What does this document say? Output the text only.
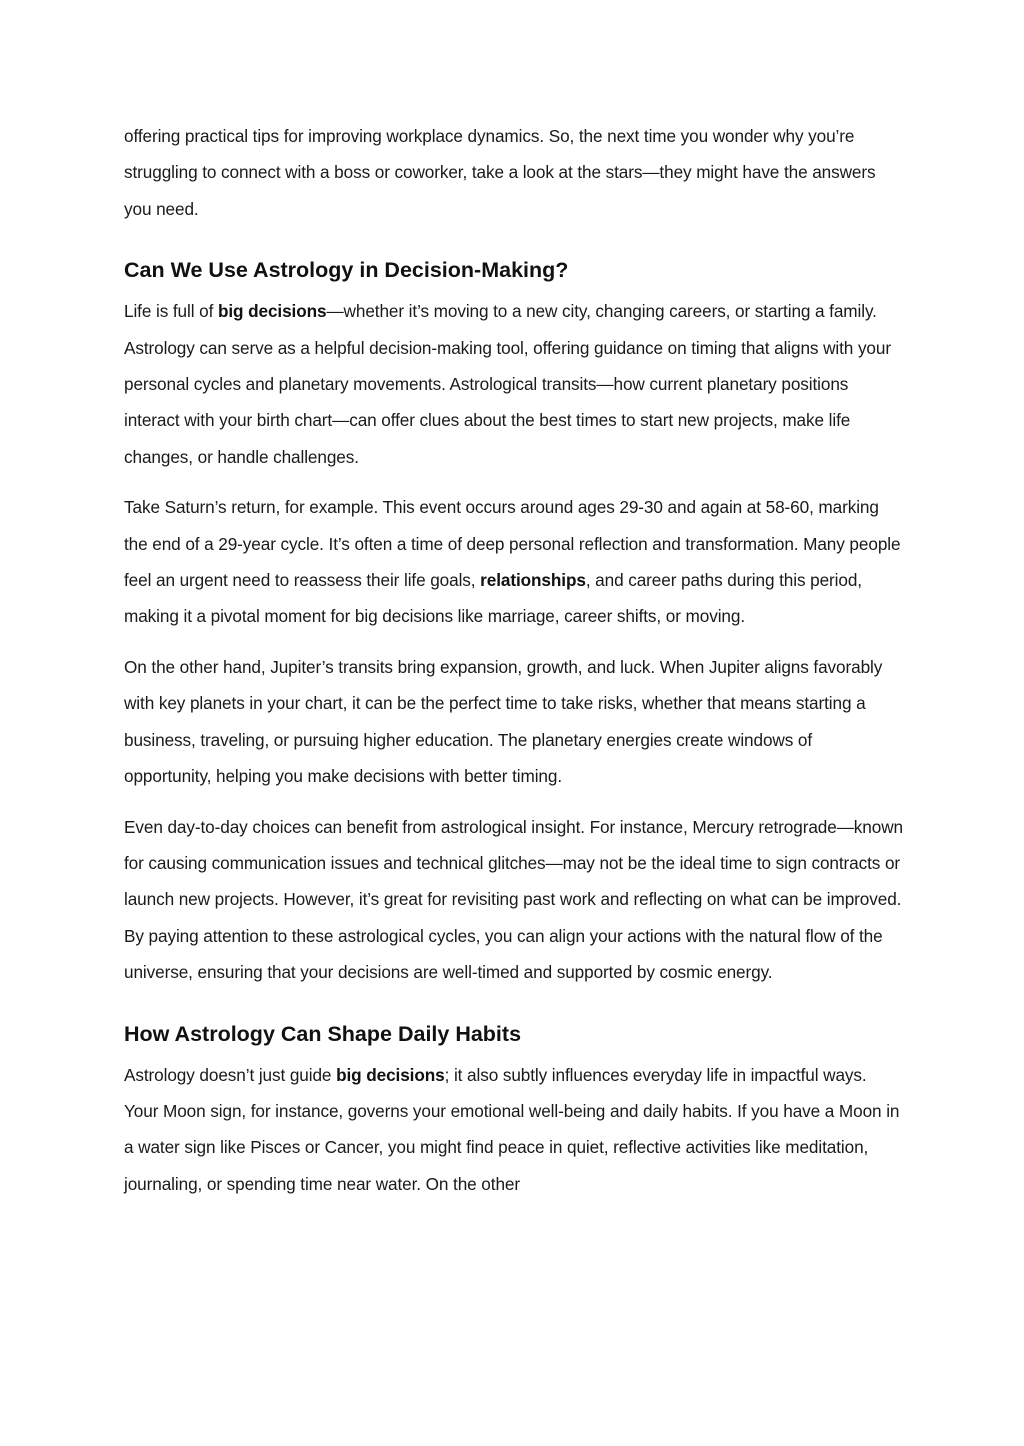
offering practical tips for improving workplace dynamics. So, the next time you wonder why you’re struggling to connect with a boss or coworker, take a look at the stars—they might have the answers you need.

Can We Use Astrology in Decision-Making?

Life is full of big decisions—whether it’s moving to a new city, changing careers, or starting a family. Astrology can serve as a helpful decision-making tool, offering guidance on timing that aligns with your personal cycles and planetary movements. Astrological transits—how current planetary positions interact with your birth chart—can offer clues about the best times to start new projects, make life changes, or handle challenges.

Take Saturn’s return, for example. This event occurs around ages 29-30 and again at 58-60, marking the end of a 29-year cycle. It’s often a time of deep personal reflection and transformation. Many people feel an urgent need to reassess their life goals, relationships, and career paths during this period, making it a pivotal moment for big decisions like marriage, career shifts, or moving.

On the other hand, Jupiter’s transits bring expansion, growth, and luck. When Jupiter aligns favorably with key planets in your chart, it can be the perfect time to take risks, whether that means starting a business, traveling, or pursuing higher education. The planetary energies create windows of opportunity, helping you make decisions with better timing.

Even day-to-day choices can benefit from astrological insight. For instance, Mercury retrograde—known for causing communication issues and technical glitches—may not be the ideal time to sign contracts or launch new projects. However, it’s great for revisiting past work and reflecting on what can be improved. By paying attention to these astrological cycles, you can align your actions with the natural flow of the universe, ensuring that your decisions are well-timed and supported by cosmic energy.

How Astrology Can Shape Daily Habits

Astrology doesn’t just guide big decisions; it also subtly influences everyday life in impactful ways. Your Moon sign, for instance, governs your emotional well-being and daily habits. If you have a Moon in a water sign like Pisces or Cancer, you might find peace in quiet, reflective activities like meditation, journaling, or spending time near water. On the other
